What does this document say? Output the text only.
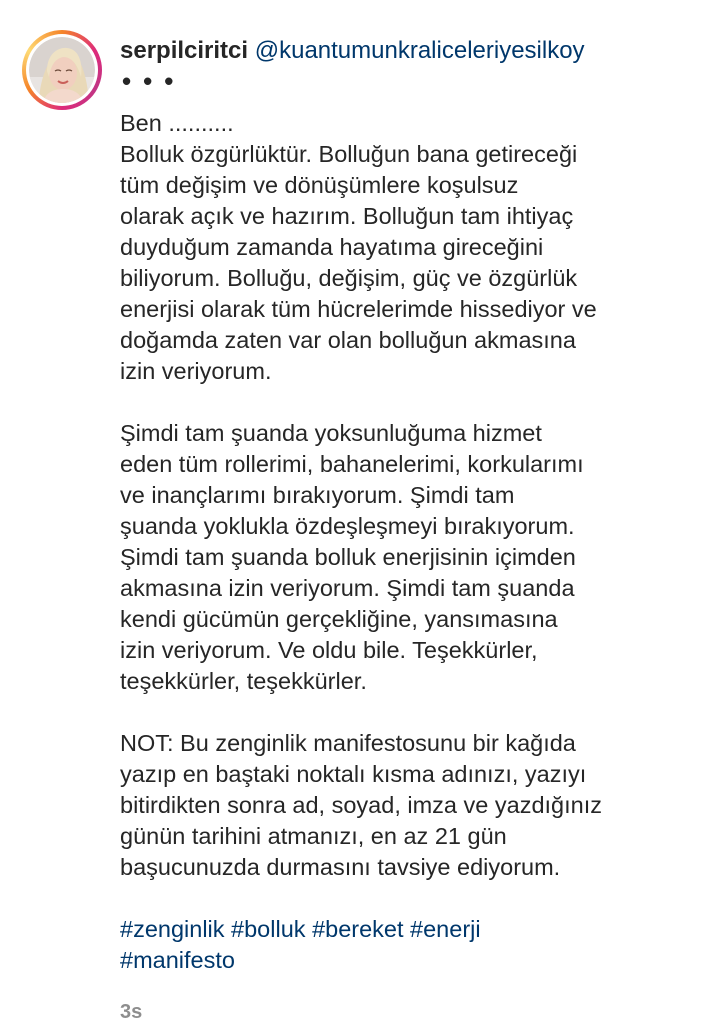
serpilciritci @kuantumunkraliceleriyesilkoy
•••

Ben ..........

Bolluk özgürlüktür. Bolluğun bana getireceği

tüm değişim ve dönüşümlere koşulsuz

olarak açık ve hazırım. Bolluğun tam ihtiyaç

duyduğum zamanda hayatıma gireceğini

biliyorum. Bolluğu, değişim, güç ve özgürlük

enerjisi olarak tüm hücrelerimde hissediyor ve

doğamda zaten var olan bolluğun akmasına

izin veriyorum.

Şimdi tam şuanda yoksunluğuma hizmet

eden tüm rollerimi, bahanelerimi, korkularımı

ve inançlarımı bırakıyorum. Şimdi tam

şuanda yoklukla özdeşleşmeyi bırakıyorum.

Şimdi tam şuanda bolluk enerjisinin içimden

akmasına izin veriyorum. Şimdi tam şuanda

kendi gücümün gerçekliğine, yansımasına

izin veriyorum. Ve oldu bile. Teşekkürler,

teşekkürler, teşekkürler.

NOT: Bu zenginlik manifestosunu bir kağıda

yazıp en baştaki noktalı kısma adınızı, yazıyı

bitirdikten sonra ad, soyad, imza ve yazdığınız

günün tarihini atmanızı, en az 21 gün

başucunuzda durmasını tavsiye ediyorum.

#zenginlik #bolluk #bereket #enerji
#manifesto
3s
